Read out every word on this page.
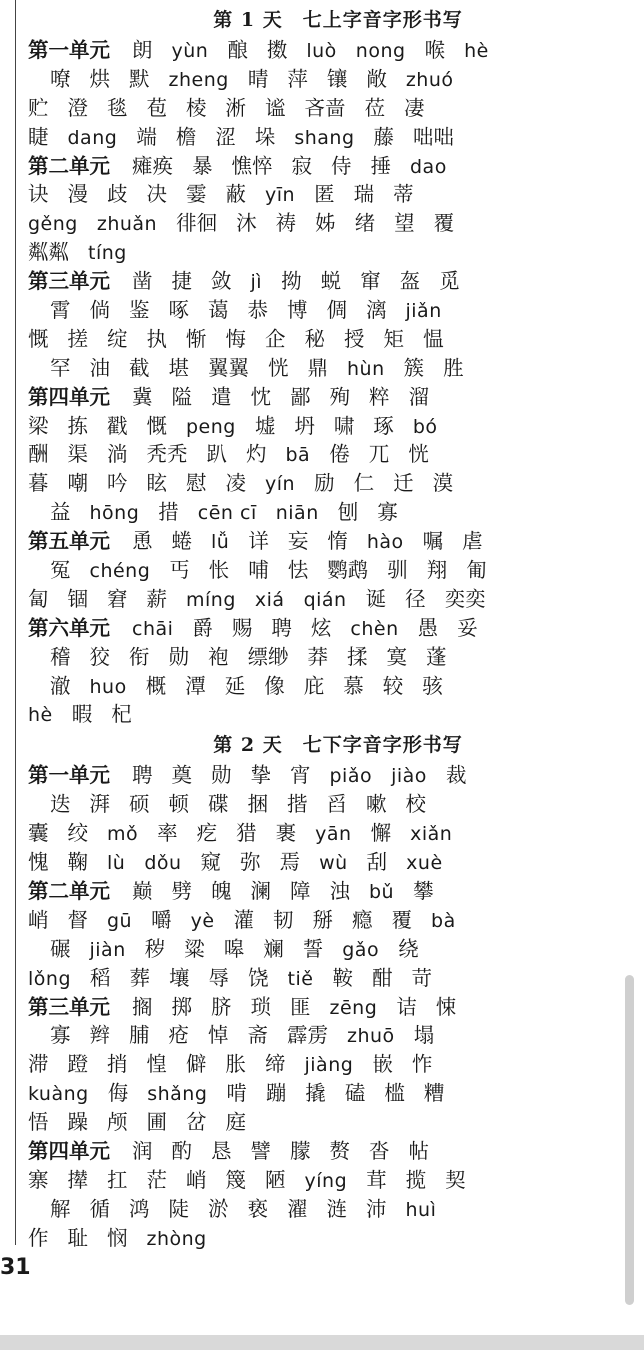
第 1 天　七上字音字形书写
第一单元 朗 yùn 酿 擞 luò nong 喉 hè
嘹 烘 默 zheng 晴 萍 镶 敞 zhuó
贮 澄 毯 苞 棱 淅 谧 吝啬 莅 凄
睫 dang 端 檐 涩 垛 shang 藤 咄咄
第二单元 瘫痪 暴 憔悴 寂 侍 捶 dao
诀 漫 歧 决 霎 蔽 yīn 匿 瑞 蒂
gěng zhuǎn 徘徊 沐 祷 姊 绪 望 覆
粼粼 tíng
第三单元 凿 捷 敛 jì 拗 蜕 窜 盔 觅
霄 倘 鉴 啄 蔼 恭 博 倜 漓 jiǎn
慨 搓 绽 执 惭 悔 企 秘 授 矩 愠
罕 油 截 堪 翼翼 恍 鼎 hùn 簇 胜
第四单元 冀 隘 遣 忱 鄙 殉 粹 溜
梁 拣 戳 慨 peng 墟 坍 啸 琢 bó
酬 渠 淌 秃秃 趴 灼 bā 倦 兀 恍
暮 嘲 吟 眩 慰 凌 yín 励 仁 迁 漠
益 hōng 措 cēn cī niān 刨 寡
第五单元 恿 蜷 lǚ 详 妄 惰 hào 嘱 虐
冤 chéng 丐 怅 哺 怯 鹦鹉 驯 翔 匍
匐 锢 窘 薪 míng xiá qián 诞 径 奕奕
第六单元 chāi 爵 赐 聘 炫 chèn 愚 妥
稽 狡 衔 勋 袍 缥缈 莽 揉 寞 蓬
澈 huo 概 潭 延 像 庇 慕 较 骇
hè 暇 杞
第 2 天　七下字音字形书写
第一单元 聘 奠 勋 挚 宵 piǎo jiào 裁
迭 湃 硕 顿 碟 捆 揩 舀 嗽 校
囊 绞 mǒ 率 疙 猎 裹 yān 懈 xiǎn
愧 鞠 lù dǒu 窥 弥 焉 wù 刮 xuè
第二单元 巅 劈 魄 澜 障 浊 bǔ 攀
峭 督 gū 嚼 yè 灌 韧 掰 瘾 覆 bà
碾 jiàn 秽 粱 嗥 斓 誓 gǎo 绕
lǒng 稻 葬 壤 辱 饶 tiě 鞍 酣 苛
第三单元 搁 掷 脐 琐 匪 zēng 诘 悚
寡 辫 脯 疮 悼 斋 霹雳 zhuō 塌
滞 蹬 捎 惶 僻 胀 缔 jiàng 嵌 怍
kuàng 侮 shǎng 啃 蹦 撬 磕 槛 糟
悟 躁 颅 圃 岔 庭
第四单元 润 酌 恳 譬 朦 赘 沓 帖
寨 撵 扛 茫 峭 篾 陋 yíng 茸 揽 契
解 循 鸿 陡 淤 亵 濯 涟 沛 huì
作 耻 悯 zhòng
31
